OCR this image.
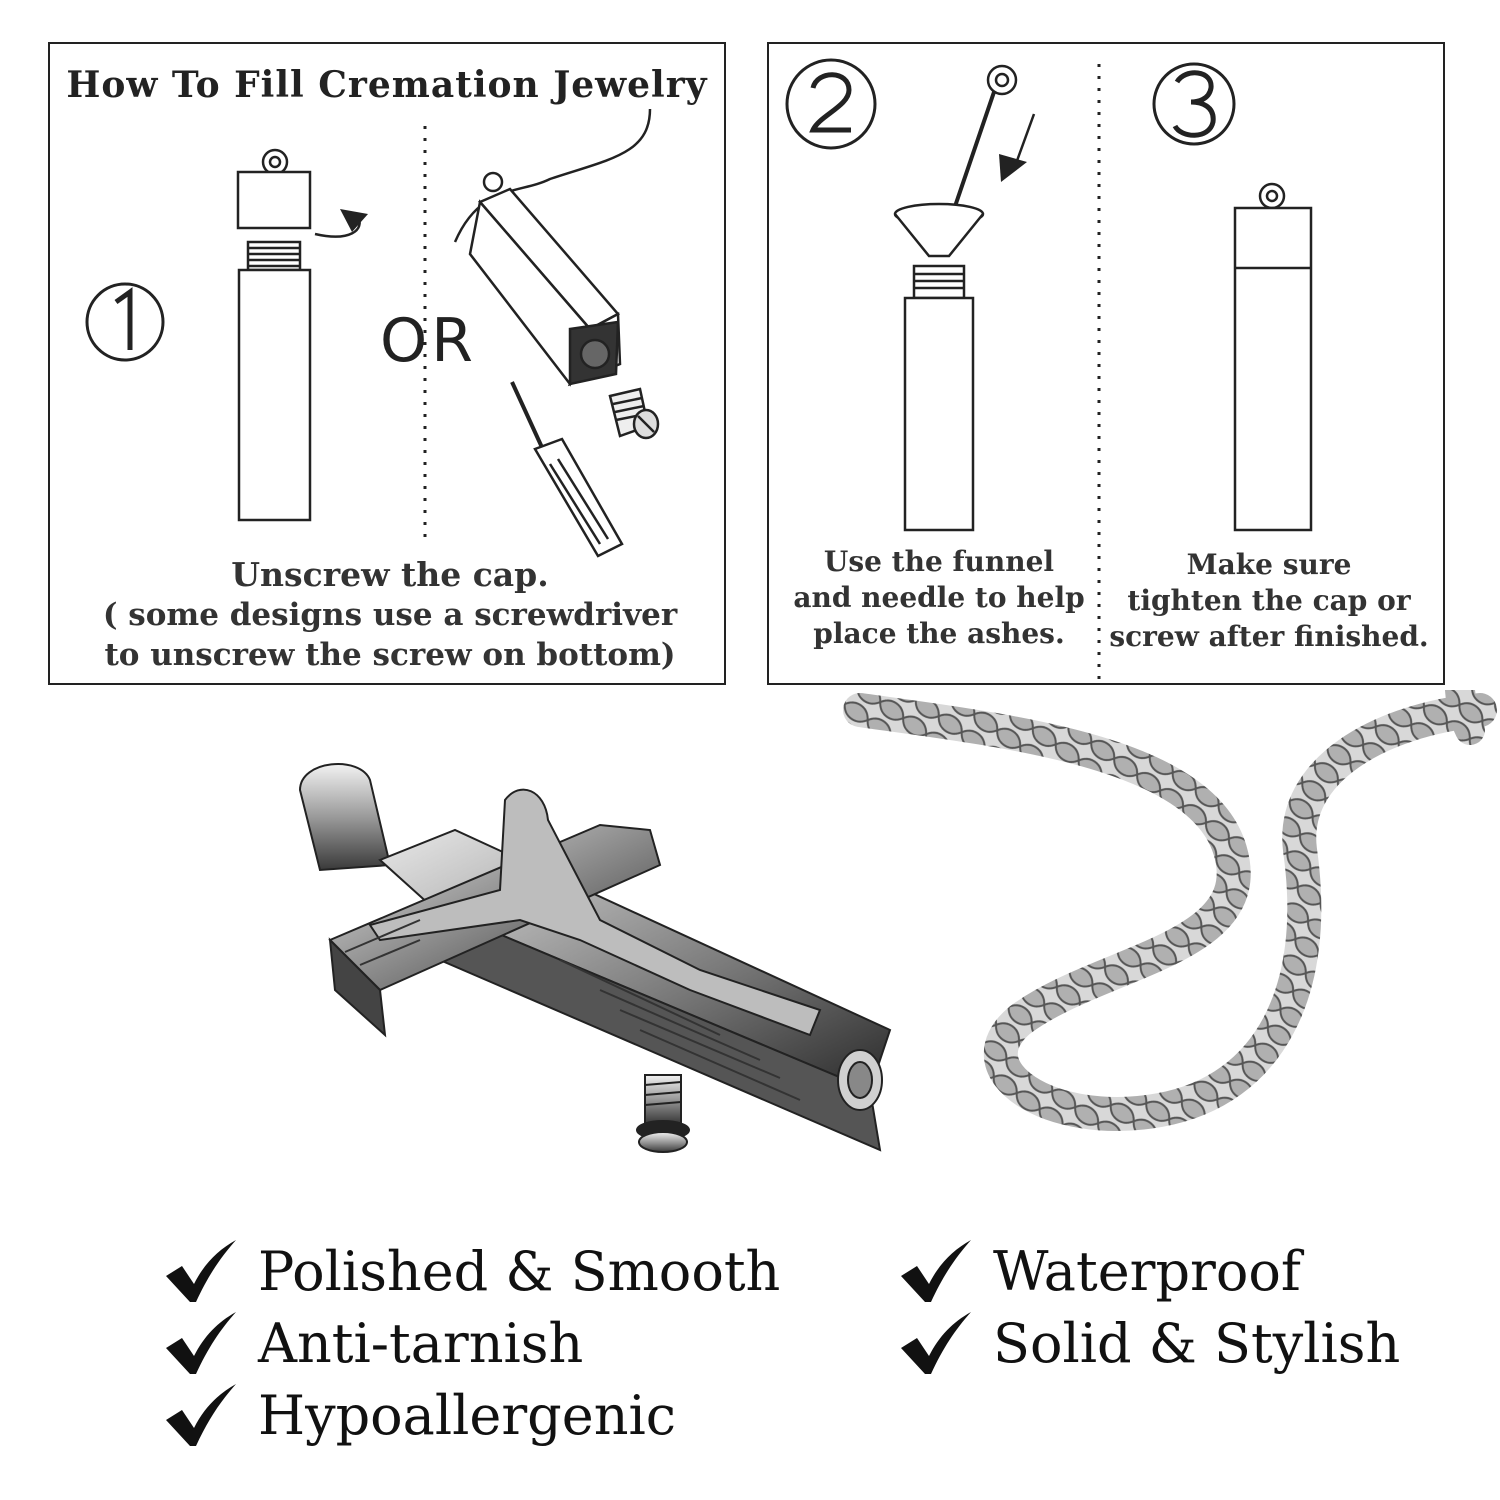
How To Fill Cremation Jewelry
OR
Unscrew the cap.
( some designs use a screwdriver
to unscrew the screw on bottom)
Use the funnel
and needle to help
place the ashes.
Make sure
tighten the cap or
screw after finished.
Polished & Smooth
Anti-tarnish
Hypoallergenic
Waterproof
Solid & Stylish
